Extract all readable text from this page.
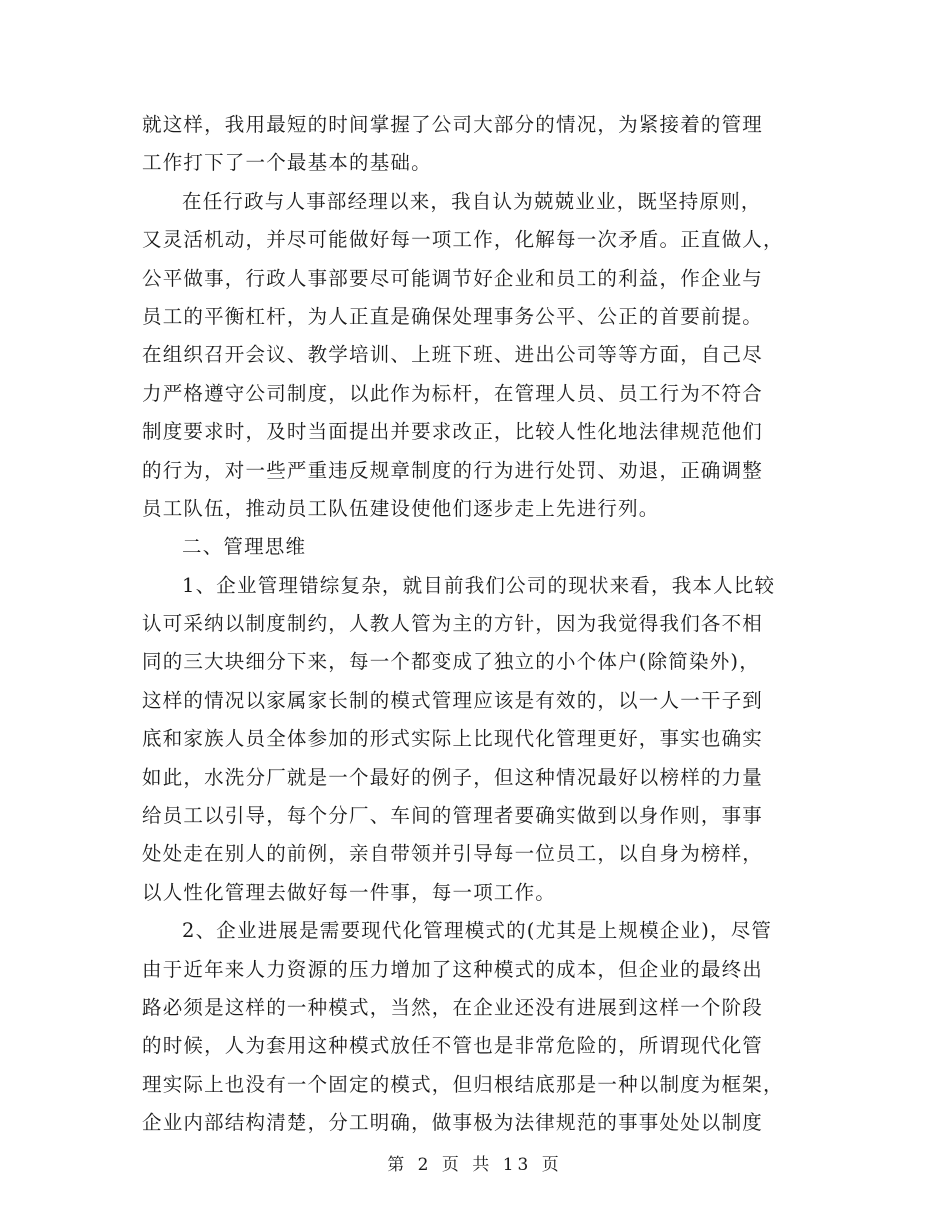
就这样，我用最短的时间掌握了公司大部分的情况，为紧接着的管理
工作打下了一个最基本的基础。
在任行政与人事部经理以来，我自认为兢兢业业，既坚持原则，
又灵活机动，并尽可能做好每一项工作，化解每一次矛盾。正直做人，
公平做事，行政人事部要尽可能调节好企业和员工的利益，作企业与
员工的平衡杠杆，为人正直是确保处理事务公平、公正的首要前提。
在组织召开会议、教学培训、上班下班、进出公司等等方面，自己尽
力严格遵守公司制度，以此作为标杆，在管理人员、员工行为不符合
制度要求时，及时当面提出并要求改正，比较人性化地法律规范他们
的行为，对一些严重违反规章制度的行为进行处罚、劝退，正确调整
员工队伍，推动员工队伍建设使他们逐步走上先进行列。
二、管理思维
1、企业管理错综复杂，就目前我们公司的现状来看，我本人比较
认可采纳以制度制约，人教人管为主的方针，因为我觉得我们各不相
同的三大块细分下来，每一个都变成了独立的小个体户(除简染外)，
这样的情况以家属家长制的模式管理应该是有效的，以一人一干子到
底和家族人员全体参加的形式实际上比现代化管理更好，事实也确实
如此，水洗分厂就是一个最好的例子，但这种情况最好以榜样的力量
给员工以引导，每个分厂、车间的管理者要确实做到以身作则，事事
处处走在别人的前例，亲自带领并引导每一位员工，以自身为榜样，
以人性化管理去做好每一件事，每一项工作。
2、企业进展是需要现代化管理模式的(尤其是上规模企业)，尽管
由于近年来人力资源的压力增加了这种模式的成本，但企业的最终出
路必须是这样的一种模式，当然，在企业还没有进展到这样一个阶段
的时候，人为套用这种模式放任不管也是非常危险的，所谓现代化管
理实际上也没有一个固定的模式，但归根结底那是一种以制度为框架，
企业内部结构清楚，分工明确，做事极为法律规范的事事处处以制度
第 2 页 共 13 页
